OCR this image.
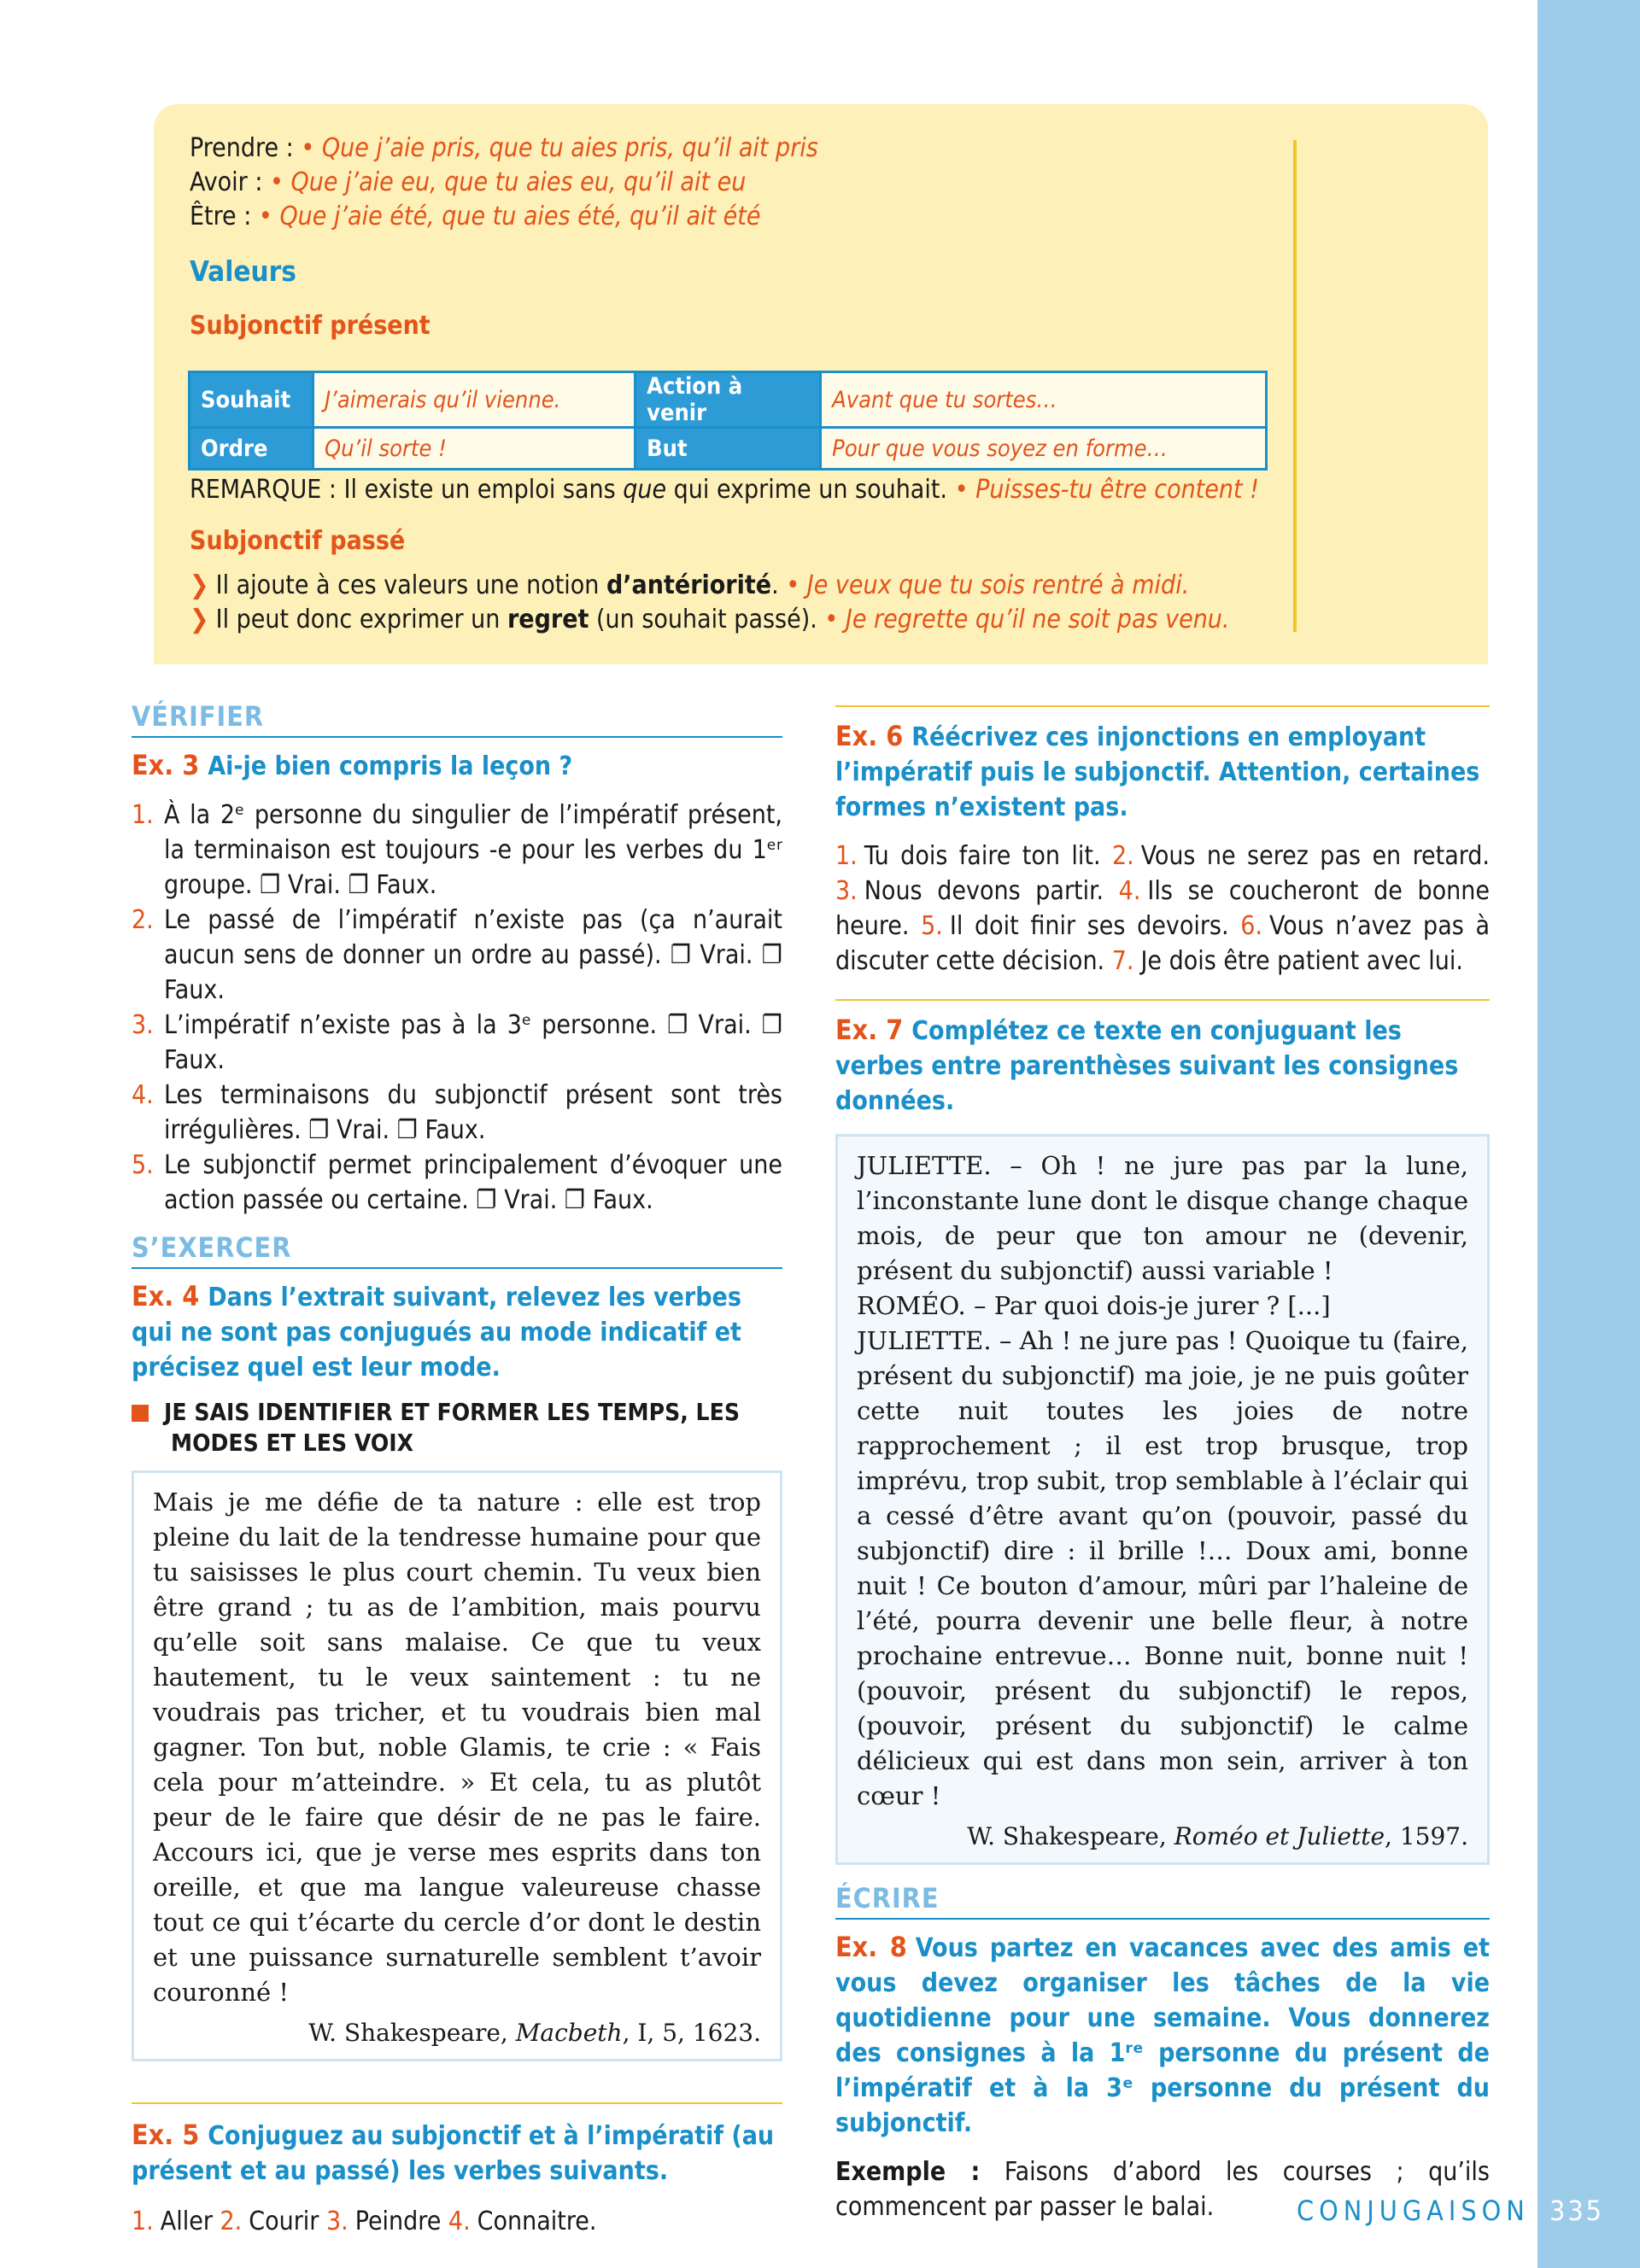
335
CONJUGAISON
Prendre : • Que j’aie pris, que tu aies pris, qu’il ait pris
Avoir : • Que j’aie eu, que tu aies eu, qu’il ait eu
Être : • Que j’aie été, que tu aies été, qu’il ait été
Valeurs
Subjonctif présent
Souhait	J’aimerais qu’il vienne.	Action à venir	Avant que tu sortes…
Ordre	Qu’il sorte !	But	Pour que vous soyez en forme…
REMARQUE : Il existe un emploi sans que qui exprime un souhait. • Puisses-tu être content !
Subjonctif passé
❯ Il ajoute à ces valeurs une notion d’antériorité. • Je veux que tu sois rentré à midi.
❯ Il peut donc exprimer un regret (un souhait passé). • Je regrette qu’il ne soit pas venu.
VÉRIFIER
Ex. 3 Ai-je bien compris la leçon ?
1. À la 2ᵉ personne du singulier de l’impératif présent, la terminaison est toujours -e pour les verbes du 1ᵉʳ groupe. ❐ Vrai. ❐ Faux.
2. Le passé de l’impératif n’existe pas (ça n’aurait aucun sens de donner un ordre au passé). ❐ Vrai. ❐ Faux.
3. L’impératif n’existe pas à la 3ᵉ personne. ❐ Vrai. ❐ Faux.
4. Les terminaisons du subjonctif présent sont très irrégulières. ❐ Vrai. ❐ Faux.
5. Le subjonctif permet principalement d’évoquer une action passée ou certaine. ❐ Vrai. ❐ Faux.
S’EXERCER
Ex. 4 Dans l’extrait suivant, relevez les verbes qui ne sont pas conjugués au mode indicatif et précisez quel est leur mode.
JE SAIS IDENTIFIER ET FORMER LES TEMPS, LES MODES ET LES VOIX
Mais je me défie de ta nature : elle est trop pleine du lait de la tendresse humaine pour que tu saisisses le plus court chemin. Tu veux bien être grand ; tu as de l’ambition, mais pourvu qu’elle soit sans malaise. Ce que tu veux hautement, tu le veux saintement : tu ne voudrais pas tricher, et tu voudrais bien mal gagner. Ton but, noble Glamis, te crie : « Fais cela pour m’atteindre. » Et cela, tu as plutôt peur de le faire que désir de ne pas le faire. Accours ici, que je verse mes esprits dans ton oreille, et que ma langue valeureuse chasse tout ce qui t’écarte du cercle d’or dont le destin et une puissance surnaturelle semblent t’avoir couronné !
W. Shakespeare, Macbeth, I, 5, 1623.
Ex. 5 Conjuguez au subjonctif et à l’impératif (au présent et au passé) les verbes suivants.
1. Aller 2. Courir 3. Peindre 4. Connaitre.
Ex. 6 Réécrivez ces injonctions en employant l’impératif puis le subjonctif. Attention, certaines formes n’existent pas.
1. Tu dois faire ton lit. 2. Vous ne serez pas en retard. 3. Nous devons partir. 4. Ils se coucheront de bonne heure. 5. Il doit finir ses devoirs. 6. Vous n’avez pas à discuter cette décision. 7. Je dois être patient avec lui.
Ex. 7 Complétez ce texte en conjuguant les verbes entre parenthèses suivant les consignes données.
JULIETTE. – Oh ! ne jure pas par la lune, l’inconstante lune dont le disque change chaque mois, de peur que ton amour ne (devenir, présent du subjonctif) aussi variable !
ROMÉO. – Par quoi dois-je jurer ? [...]
JULIETTE. – Ah ! ne jure pas ! Quoique tu (faire, présent du subjonctif) ma joie, je ne puis goûter cette nuit toutes les joies de notre rapprochement ; il est trop brusque, trop imprévu, trop subit, trop semblable à l’éclair qui a cessé d’être avant qu’on (pouvoir, passé du subjonctif) dire : il brille !… Doux ami, bonne nuit ! Ce bouton d’amour, mûri par l’haleine de l’été, pourra devenir une belle fleur, à notre prochaine entrevue… Bonne nuit, bonne nuit ! (pouvoir, présent du subjonctif) le repos, (pouvoir, présent du subjonctif) le calme délicieux qui est dans mon sein, arriver à ton cœur !
W. Shakespeare, Roméo et Juliette, 1597.
ÉCRIRE
Ex. 8 Vous partez en vacances avec des amis et vous devez organiser les tâches de la vie quotidienne pour une semaine. Vous donnerez des consignes à la 1ʳᵉ personne du présent de l’impératif et à la 3ᵉ personne du présent du subjonctif.
Exemple : Faisons d’abord les courses ; qu’ils commencent par passer le balai.
